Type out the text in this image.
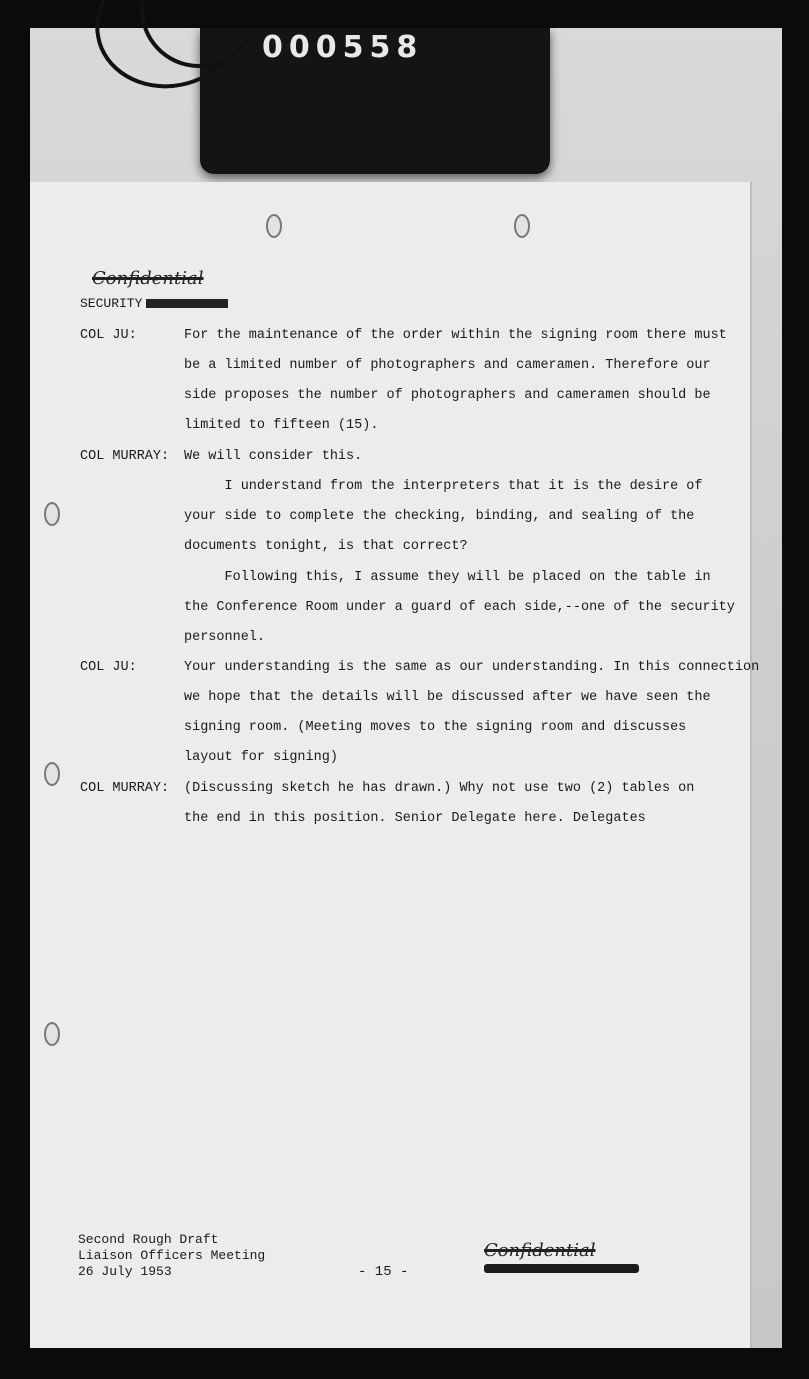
000558
Confidential
SECURITY
COL JU:	For the maintenance of the order within the signing room there must
be a limited number of photographers and cameramen. Therefore our
side proposes the number of photographers and cameramen should be
limited to fifteen (15).
COL MURRAY: We will consider this.
I understand from the interpreters that it is the desire of
your side to complete the checking, binding, and sealing of the
documents tonight, is that correct?
Following this, I assume they will be placed on the table in
the Conference Room under a guard of each side,--one of the security
personnel.
COL JU:	Your understanding is the same as our understanding. In this connection
we hope that the details will be discussed after we have seen the
signing room. (Meeting moves to the signing room and discusses
layout for signing)
COL MURRAY: (Discussing sketch he has drawn.) Why not use two (2) tables on
the end in this position. Senior Delegate here. Delegates
Second Rough Draft
Liaison Officers Meeting
26 July 1953	- 15 -
Confidential
